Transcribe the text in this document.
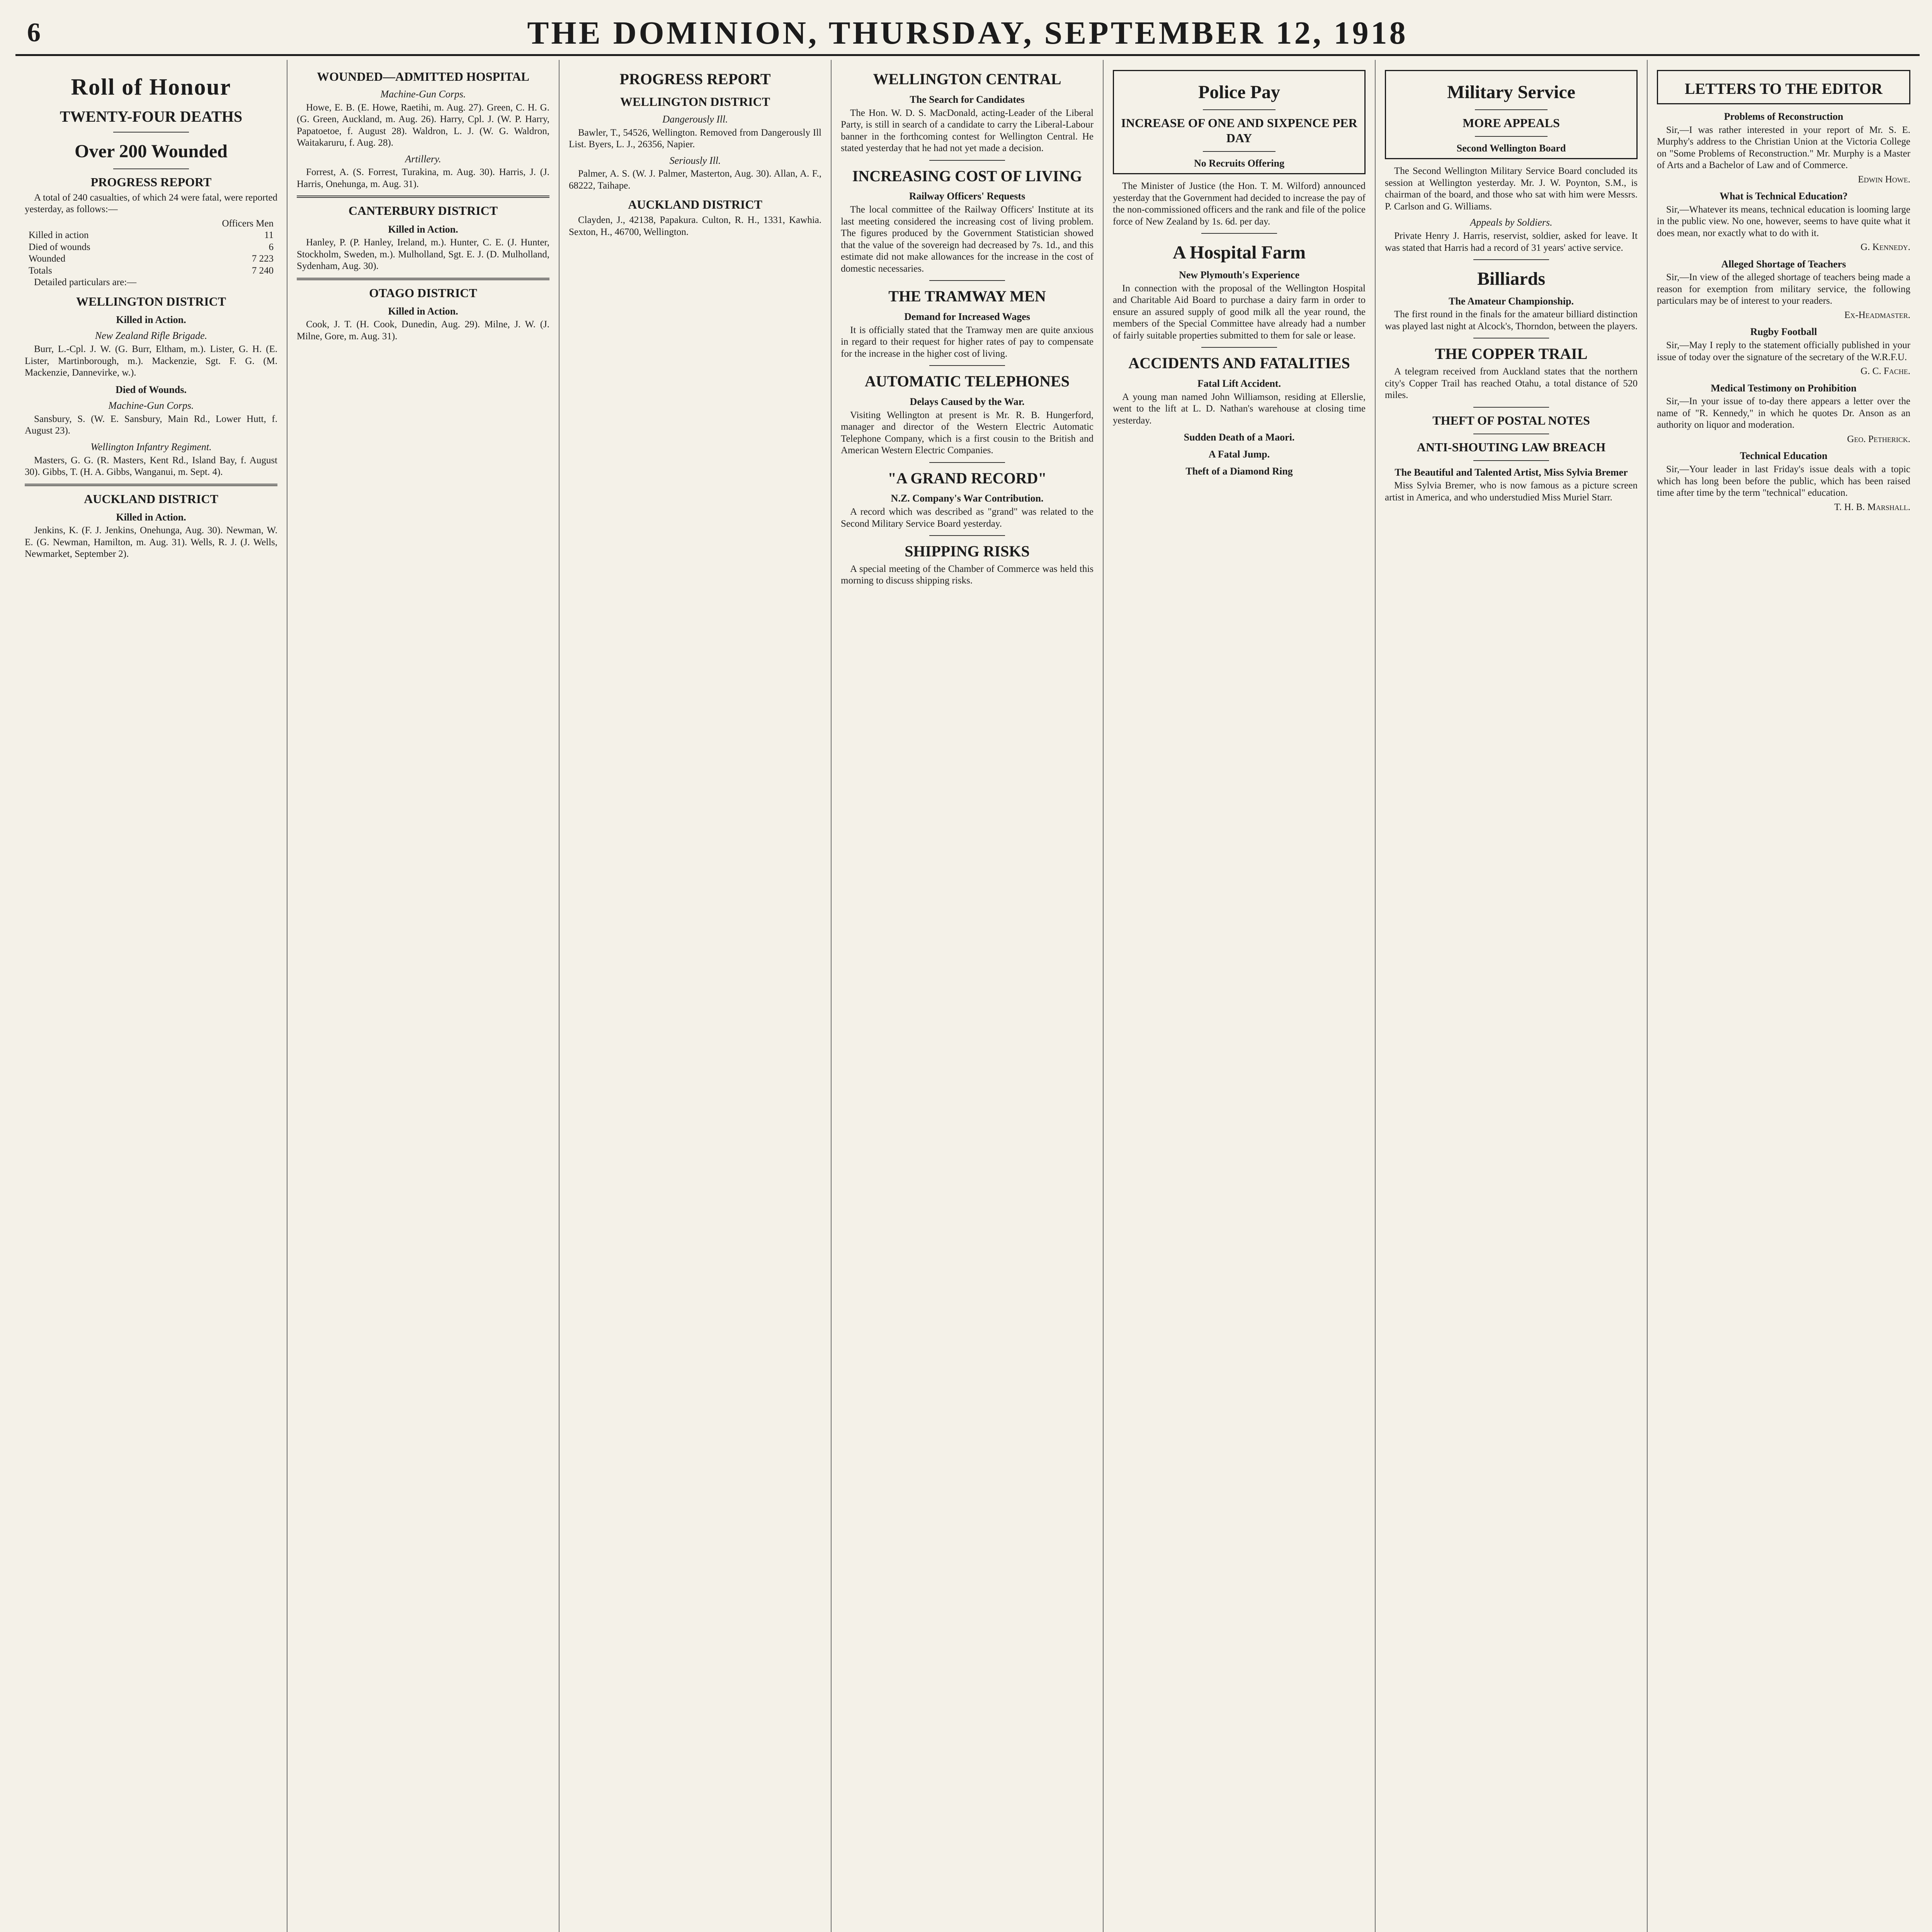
6	THE DOMINION, THURSDAY, SEPTEMBER 12, 1918
Roll of Honour
TWENTY-FOUR DEATHS
Over 200 Wounded
PROGRESS REPORT

A total of 240 casualties, of which 24 were fatal, were reported yesterday, as follows:—

Officers Men
Killed in action	11
Died of wounds	6
Wounded	7 223
Totals	7 240

Detailed particulars are:—

WELLINGTON DISTRICT
Killed in Action.
New Zealand Rifle Brigade.

Burr, L.-Cpl. J. W. (G. Burr, Eltham, m.). Lister, G. H. (E. Lister, Martinborough, m.). Mackenzie, Sgt. F. G. (M. Mackenzie, Dannevirke, w.).

Died of Wounds.
Machine-Gun Corps.

Sansbury, S. (W. E. Sansbury, Main Rd., Lower Hutt, f. August 23).

Wellington Infantry Regiment.

Masters, G. G. (R. Masters, Kent Rd., Island Bay, f. August 30). Gibbs, T. (H. A. Gibbs, Wanganui, m. Sept. 4).

AUCKLAND DISTRICT
Killed in Action.

Jenkins, K. (F. J. Jenkins, Onehunga, Aug. 30). Newman, W. E. (G. Newman, Hamilton, m. Aug. 31). Wells, R. J. (J. Wells, Newmarket, September 2).

WOUNDED—ADMITTED HOSPITAL
Machine-Gun Corps.

Howe, E. B. (E. Howe, Raetihi, m. Aug. 27). Green, C. H. G. (G. Green, Auckland, m. Aug. 26). Harry, Cpl. J. (W. P. Harry, Papatoetoe, f. August 28). Waldron, L. J. (W. G. Waldron, Waitakaruru, f. Aug. 28).

Artillery.

Forrest, A. (S. Forrest, Turakina, m. Aug. 30). Harris, J. (J. Harris, Onehunga, m. Aug. 31).

CANTERBURY DISTRICT
Killed in Action.

Hanley, P. (P. Hanley, Ireland, m.). Hunter, C. E. (J. Hunter, Stockholm, Sweden, m.). Mulholland, Sgt. E. J. (D. Mulholland, Sydenham, Aug. 30).

OTAGO DISTRICT
Killed in Action.

Cook, J. T. (H. Cook, Dunedin, Aug. 29). Milne, J. W. (J. Milne, Gore, m. Aug. 31).

PROGRESS REPORT
WELLINGTON DISTRICT
Dangerously Ill.

Bawler, T., 54526, Wellington. Removed from Dangerously Ill List. Byers, L. J., 26356, Napier.

Seriously Ill.

Palmer, A. S. (W. J. Palmer, Masterton, Aug. 30). Allan, A. F., 68222, Taihape.

AUCKLAND DISTRICT

Clayden, J., 42138, Papakura. Culton, R. H., 1331, Kawhia. Sexton, H., 46700, Wellington.

WELLINGTON CENTRAL
The Search for Candidates

The Hon. W. D. S. MacDonald, acting-Leader of the Liberal Party, is still in search of a candidate to carry the Liberal-Labour banner in the forthcoming contest for Wellington Central. He stated yesterday that he had not yet made a decision.

INCREASING COST OF LIVING
Railway Officers' Requests

The local committee of the Railway Officers' Institute at its last meeting considered the increasing cost of living problem. The figures produced by the Government Statistician showed that the value of the sovereign had decreased by 7s. 1d., and this estimate did not make allowances for the increase in the cost of domestic necessaries.

THE TRAMWAY MEN
Demand for Increased Wages

It is officially stated that the Tramway men are quite anxious in regard to their request for higher rates of pay to compensate for the increase in the higher cost of living.

AUTOMATIC TELEPHONES
Delays Caused by the War.

Visiting Wellington at present is Mr. R. B. Hungerford, manager and director of the Western Electric Automatic Telephone Company, which is a first cousin to the British and American Western Electric Companies.

"A GRAND RECORD"
N.Z. Company's War Contribution.

A record which was described as "grand" was related to the Second Military Service Board yesterday.

SHIPPING RISKS

A special meeting of the Chamber of Commerce was held this morning to discuss shipping risks.

Police Pay
INCREASE OF ONE AND SIXPENCE PER DAY
No Recruits Offering

The Minister of Justice (the Hon. T. M. Wilford) announced yesterday that the Government had decided to increase the pay of the non-commissioned officers and the rank and file of the police force of New Zealand by 1s. 6d. per day.

A Hospital Farm
New Plymouth's Experience

In connection with the proposal of the Wellington Hospital and Charitable Aid Board to purchase a dairy farm in order to ensure an assured supply of good milk all the year round, the members of the Special Committee have already had a number of fairly suitable properties submitted to them for sale or lease.

ACCIDENTS AND FATALITIES
Fatal Lift Accident.

A young man named John Williamson, residing at Ellerslie, went to the lift at L. D. Nathan's warehouse at closing time yesterday.

Sudden Death of a Maori.
A Fatal Jump.
Theft of a Diamond Ring
Military Service
MORE APPEALS
Second Wellington Board

The Second Wellington Military Service Board concluded its session at Wellington yesterday. Mr. J. W. Poynton, S.M., is chairman of the board, and those who sat with him were Messrs. P. Carlson and G. Williams.

Appeals by Soldiers.

Private Henry J. Harris, reservist, soldier, asked for leave. It was stated that Harris had a record of 31 years' active service.

Billiards
The Amateur Championship.

The first round in the finals for the amateur billiard distinction was played last night at Alcock's, Thorndon, between the players.

THE COPPER TRAIL

A telegram received from Auckland states that the northern city's Copper Trail has reached Otahu, a total distance of 520 miles.

THEFT OF POSTAL NOTES
ANTI-SHOUTING LAW BREACH
The Beautiful and Talented Artist, Miss Sylvia Bremer

Miss Sylvia Bremer, who is now famous as a picture screen artist in America, and who understudied Miss Muriel Starr.

LETTERS TO THE EDITOR
Problems of Reconstruction

Sir,—I was rather interested in your report of Mr. S. E. Murphy's address to the Christian Union at the Victoria College on "Some Problems of Reconstruction." Mr. Murphy is a Master of Arts and a Bachelor of Law and of Commerce.

Edwin Howe.
What is Technical Education?

Sir,—Whatever its means, technical education is looming large in the public view. No one, however, seems to have quite what it does mean, nor exactly what to do with it.

G. Kennedy.
Alleged Shortage of Teachers

Sir,—In view of the alleged shortage of teachers being made a reason for exemption from military service, the following particulars may be of interest to your readers.

Ex-Headmaster.
Rugby Football

Sir,—May I reply to the statement officially published in your issue of today over the signature of the secretary of the W.R.F.U.

G. C. Fache.
Medical Testimony on Prohibition

Sir,—In your issue of to-day there appears a letter over the name of "R. Kennedy," in which he quotes Dr. Anson as an authority on liquor and moderation.

Geo. Petherick.
Technical Education

Sir,—Your leader in last Friday's issue deals with a topic which has long been before the public, which has been raised time after time by the term "technical" education.

T. H. B. Marshall.
